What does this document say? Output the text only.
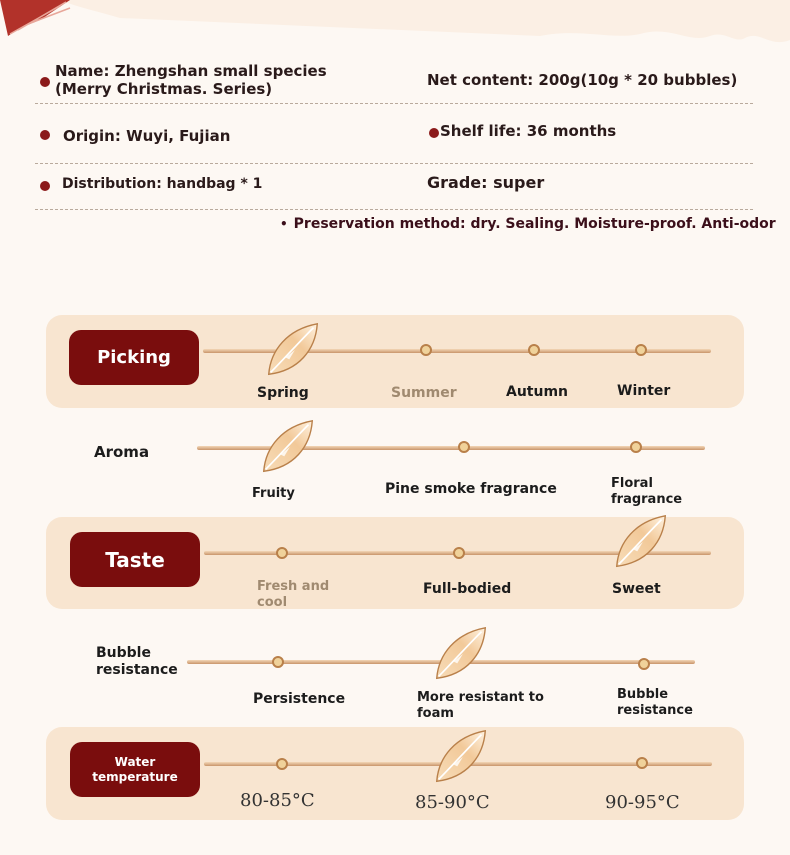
Name: Zhengshan small species (Merry Christmas. Series)	Net content: 200g(10g * 20 bubbles)
Origin: Wuyi, Fujian	Shelf life: 36 months
Distribution: handbag * 1	Grade: super
• Preservation method: dry. Sealing. Moisture-proof. Anti-odor
Picking
Spring	Summer	Autumn	Winter
Aroma
Fruity	Pine smoke fragrance	Floral fragrance
Taste
Fresh and cool
Full-bodied	Sweet
Bubble resistance
Persistence	More resistant to foam
Bubble resistance
Water temperature
80-85°C	85-90°C	90-95°C
